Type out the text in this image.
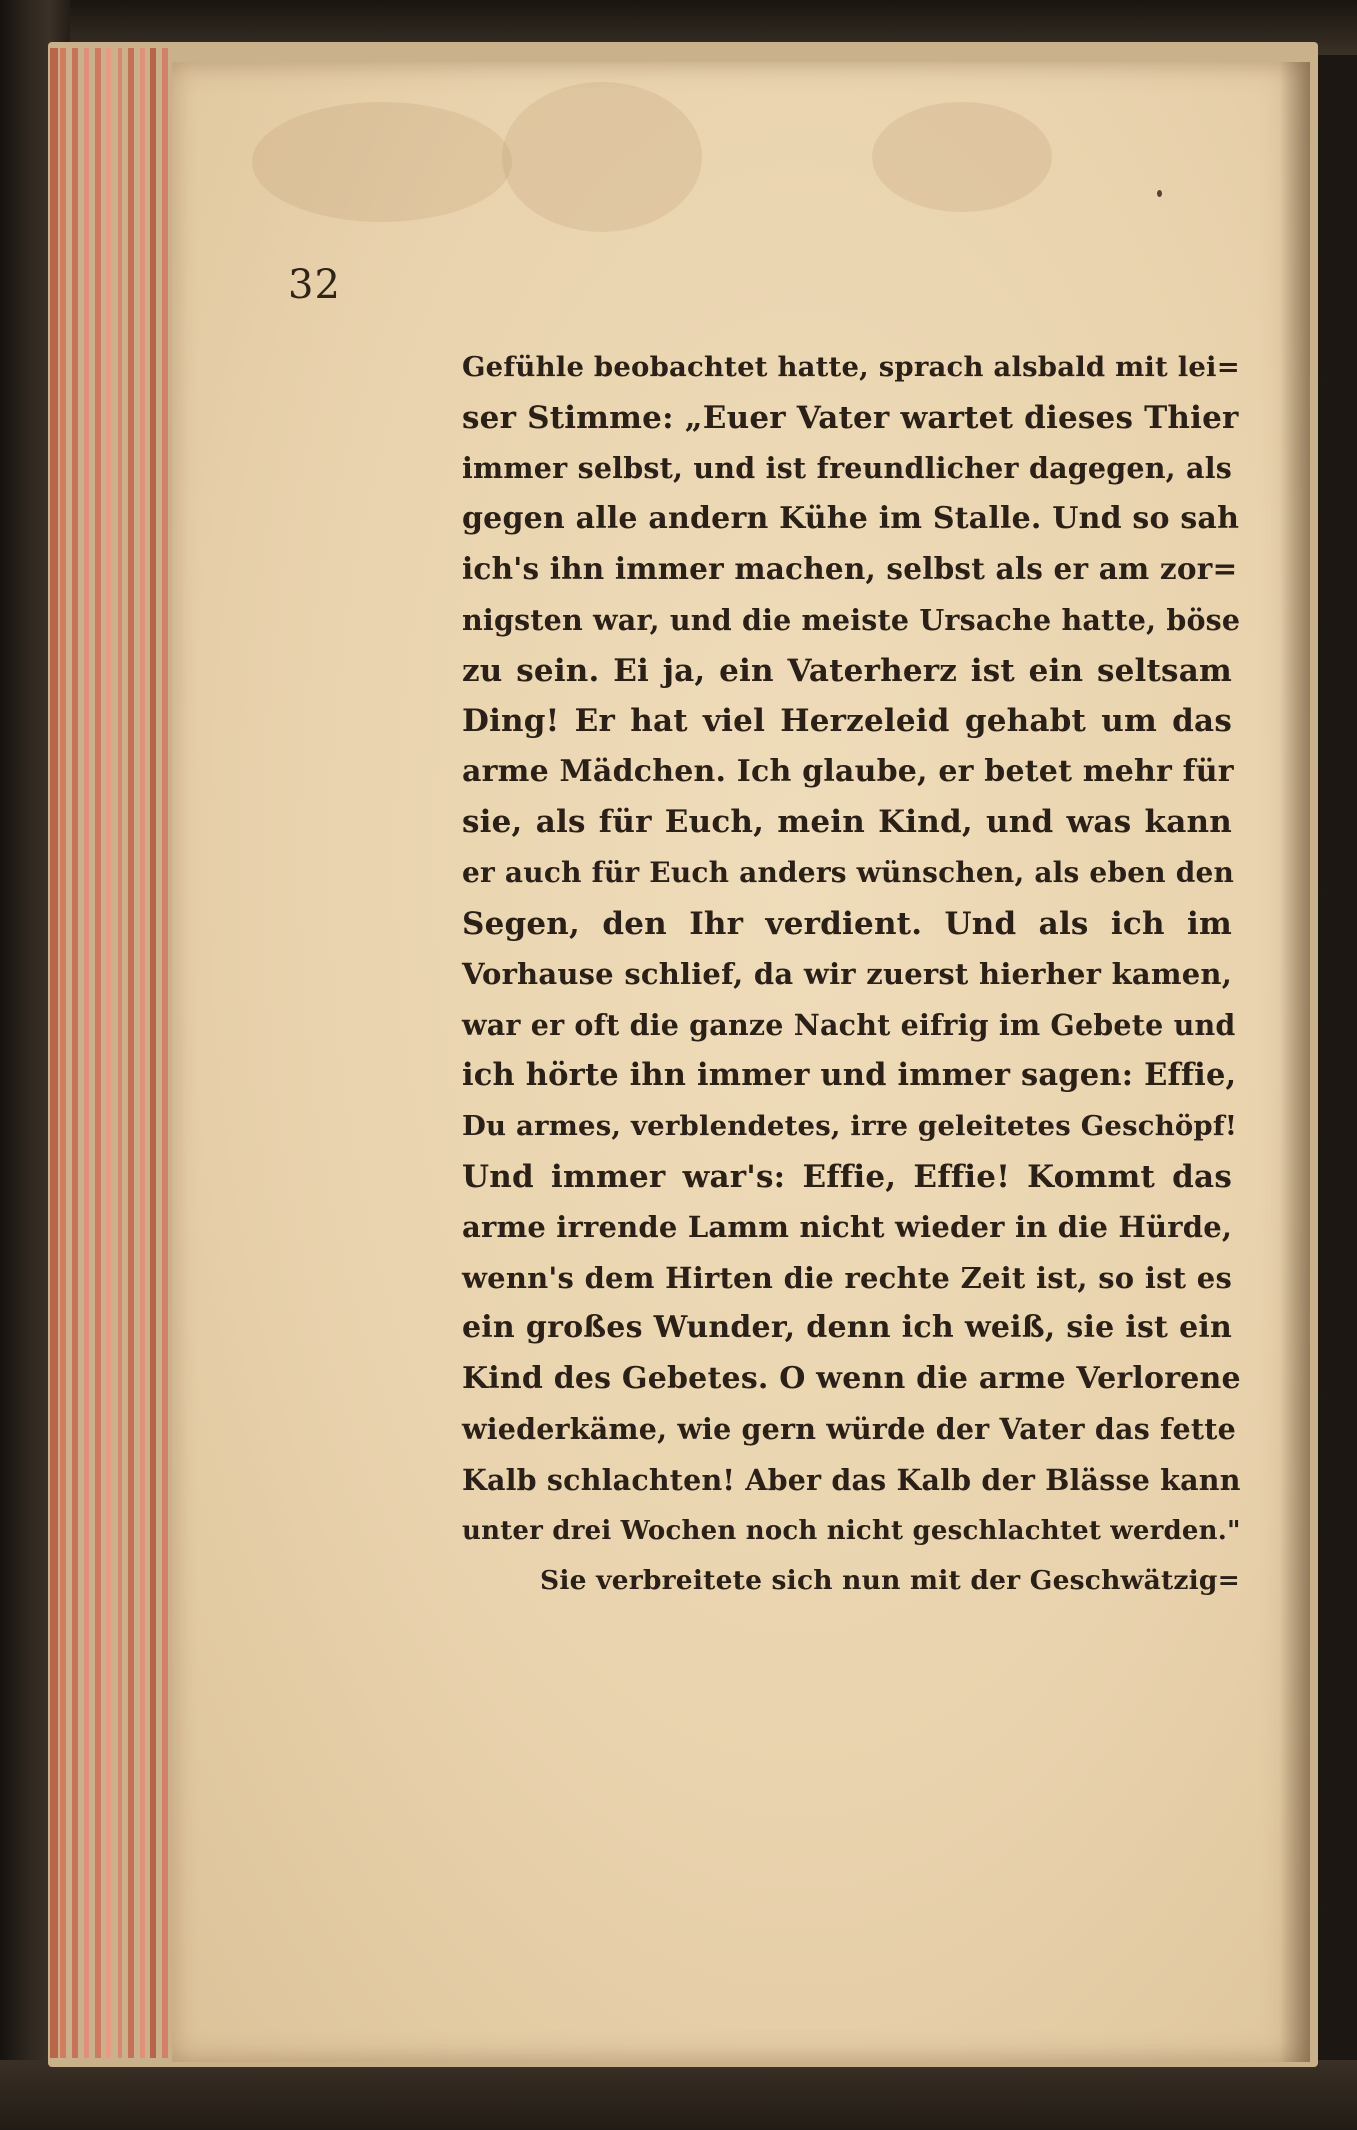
32
Gefühle beobachtet hatte, sprach alsbald mit lei=
ser Stimme: „Euer Vater wartet dieses Thier
immer selbst, und ist freundlicher dagegen, als
gegen alle andern Kühe im Stalle. Und so sah
ich's ihn immer machen, selbst als er am zor=
nigsten war, und die meiste Ursache hatte, böse
zu sein. Ei ja, ein Vaterherz ist ein seltsam
Ding! Er hat viel Herzeleid gehabt um das
arme Mädchen. Ich glaube, er betet mehr für
sie, als für Euch, mein Kind, und was kann
er auch für Euch anders wünschen, als eben den
Segen, den Ihr verdient. Und als ich im
Vorhause schlief, da wir zuerst hierher kamen,
war er oft die ganze Nacht eifrig im Gebete und
ich hörte ihn immer und immer sagen: Effie,
Du armes, verblendetes, irre geleitetes Geschöpf!
Und immer war's: Effie, Effie! Kommt das
arme irrende Lamm nicht wieder in die Hürde,
wenn's dem Hirten die rechte Zeit ist, so ist es
ein großes Wunder, denn ich weiß, sie ist ein
Kind des Gebetes. O wenn die arme Verlorene
wiederkäme, wie gern würde der Vater das fette
Kalb schlachten! Aber das Kalb der Blässe kann
unter drei Wochen noch nicht geschlachtet werden."
Sie verbreitete sich nun mit der Geschwätzig=
